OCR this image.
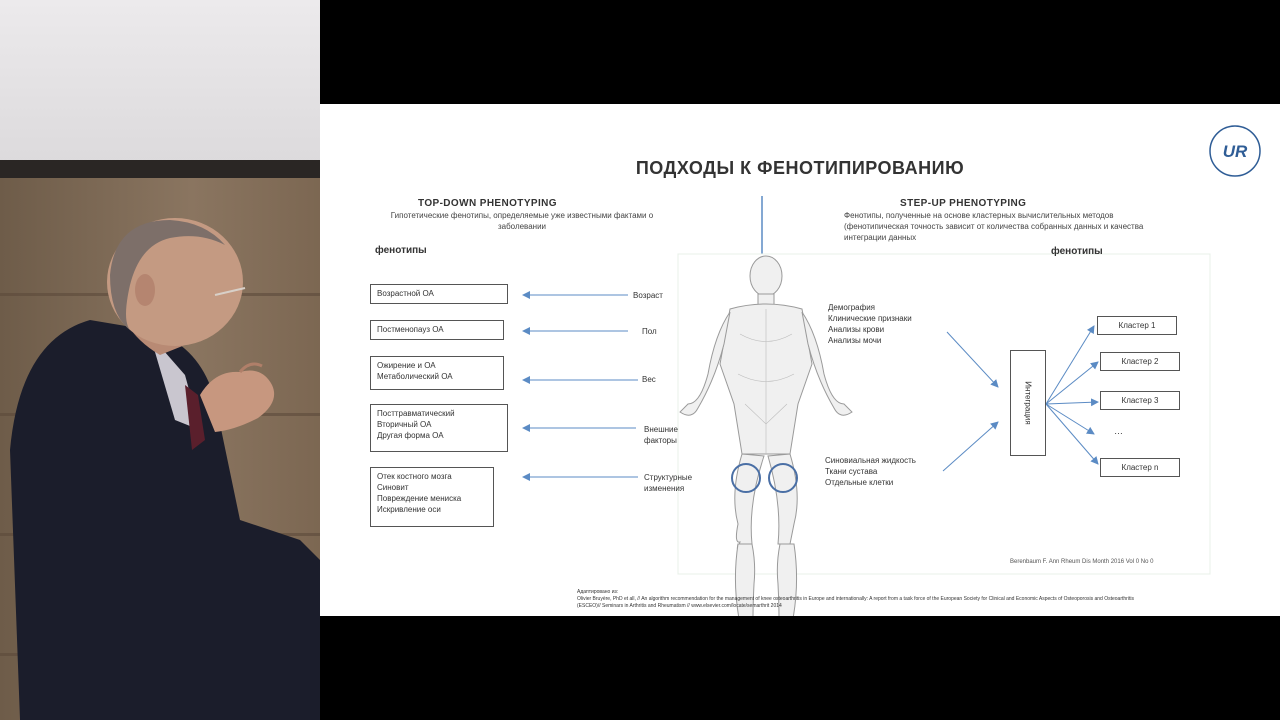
UR
ПОДХОДЫ К ФЕНОТИПИРОВАНИЮ
TOP-DOWN PHENOTYPING
Гипотетические фенотипы, определяемые уже известными фактами о заболевании
STEP-UP PHENOTYPING
Фенотипы, полученные на основе кластерных вычислительных методов (фенотипическая точность зависит от количества собранных данных и качества интеграции данных
фенотипы	фенотипы
Возрастной ОА
Постменопауз ОА
Ожирение и ОА
Метаболический ОА
Посттравматический
Вторичный ОА
Другая форма ОА
Отек костного мозга
Синовит
Повреждение мениска
Искривление оси
Возраст
Пол
Вес
Внешние
факторы
Структурные
изменения
Демография
Клинические признаки
Анализы крови
Анализы мочи
Синовиальная жидкость
Ткани сустава
Отдельные клетки
Интеграция
Кластер 1
Кластер 2
Кластер 3
…
Кластер n
Berenbaum F. Ann Rheum Dis Month 2016 Vol 0 No 0
Адаптировано из:
Olivier Bruyère, PhD et all, // An algorithm recommendation for the management of knee osteoarthritis in Europe and internationally: A report from a task force of the European Society for Clinical and Economic Aspects of Osteoporosis and Osteoarthritis
(ESCEO)// Seminars in Arthritis and Rheumatism // www.elsevier.com/locate/semarthrit 2014
